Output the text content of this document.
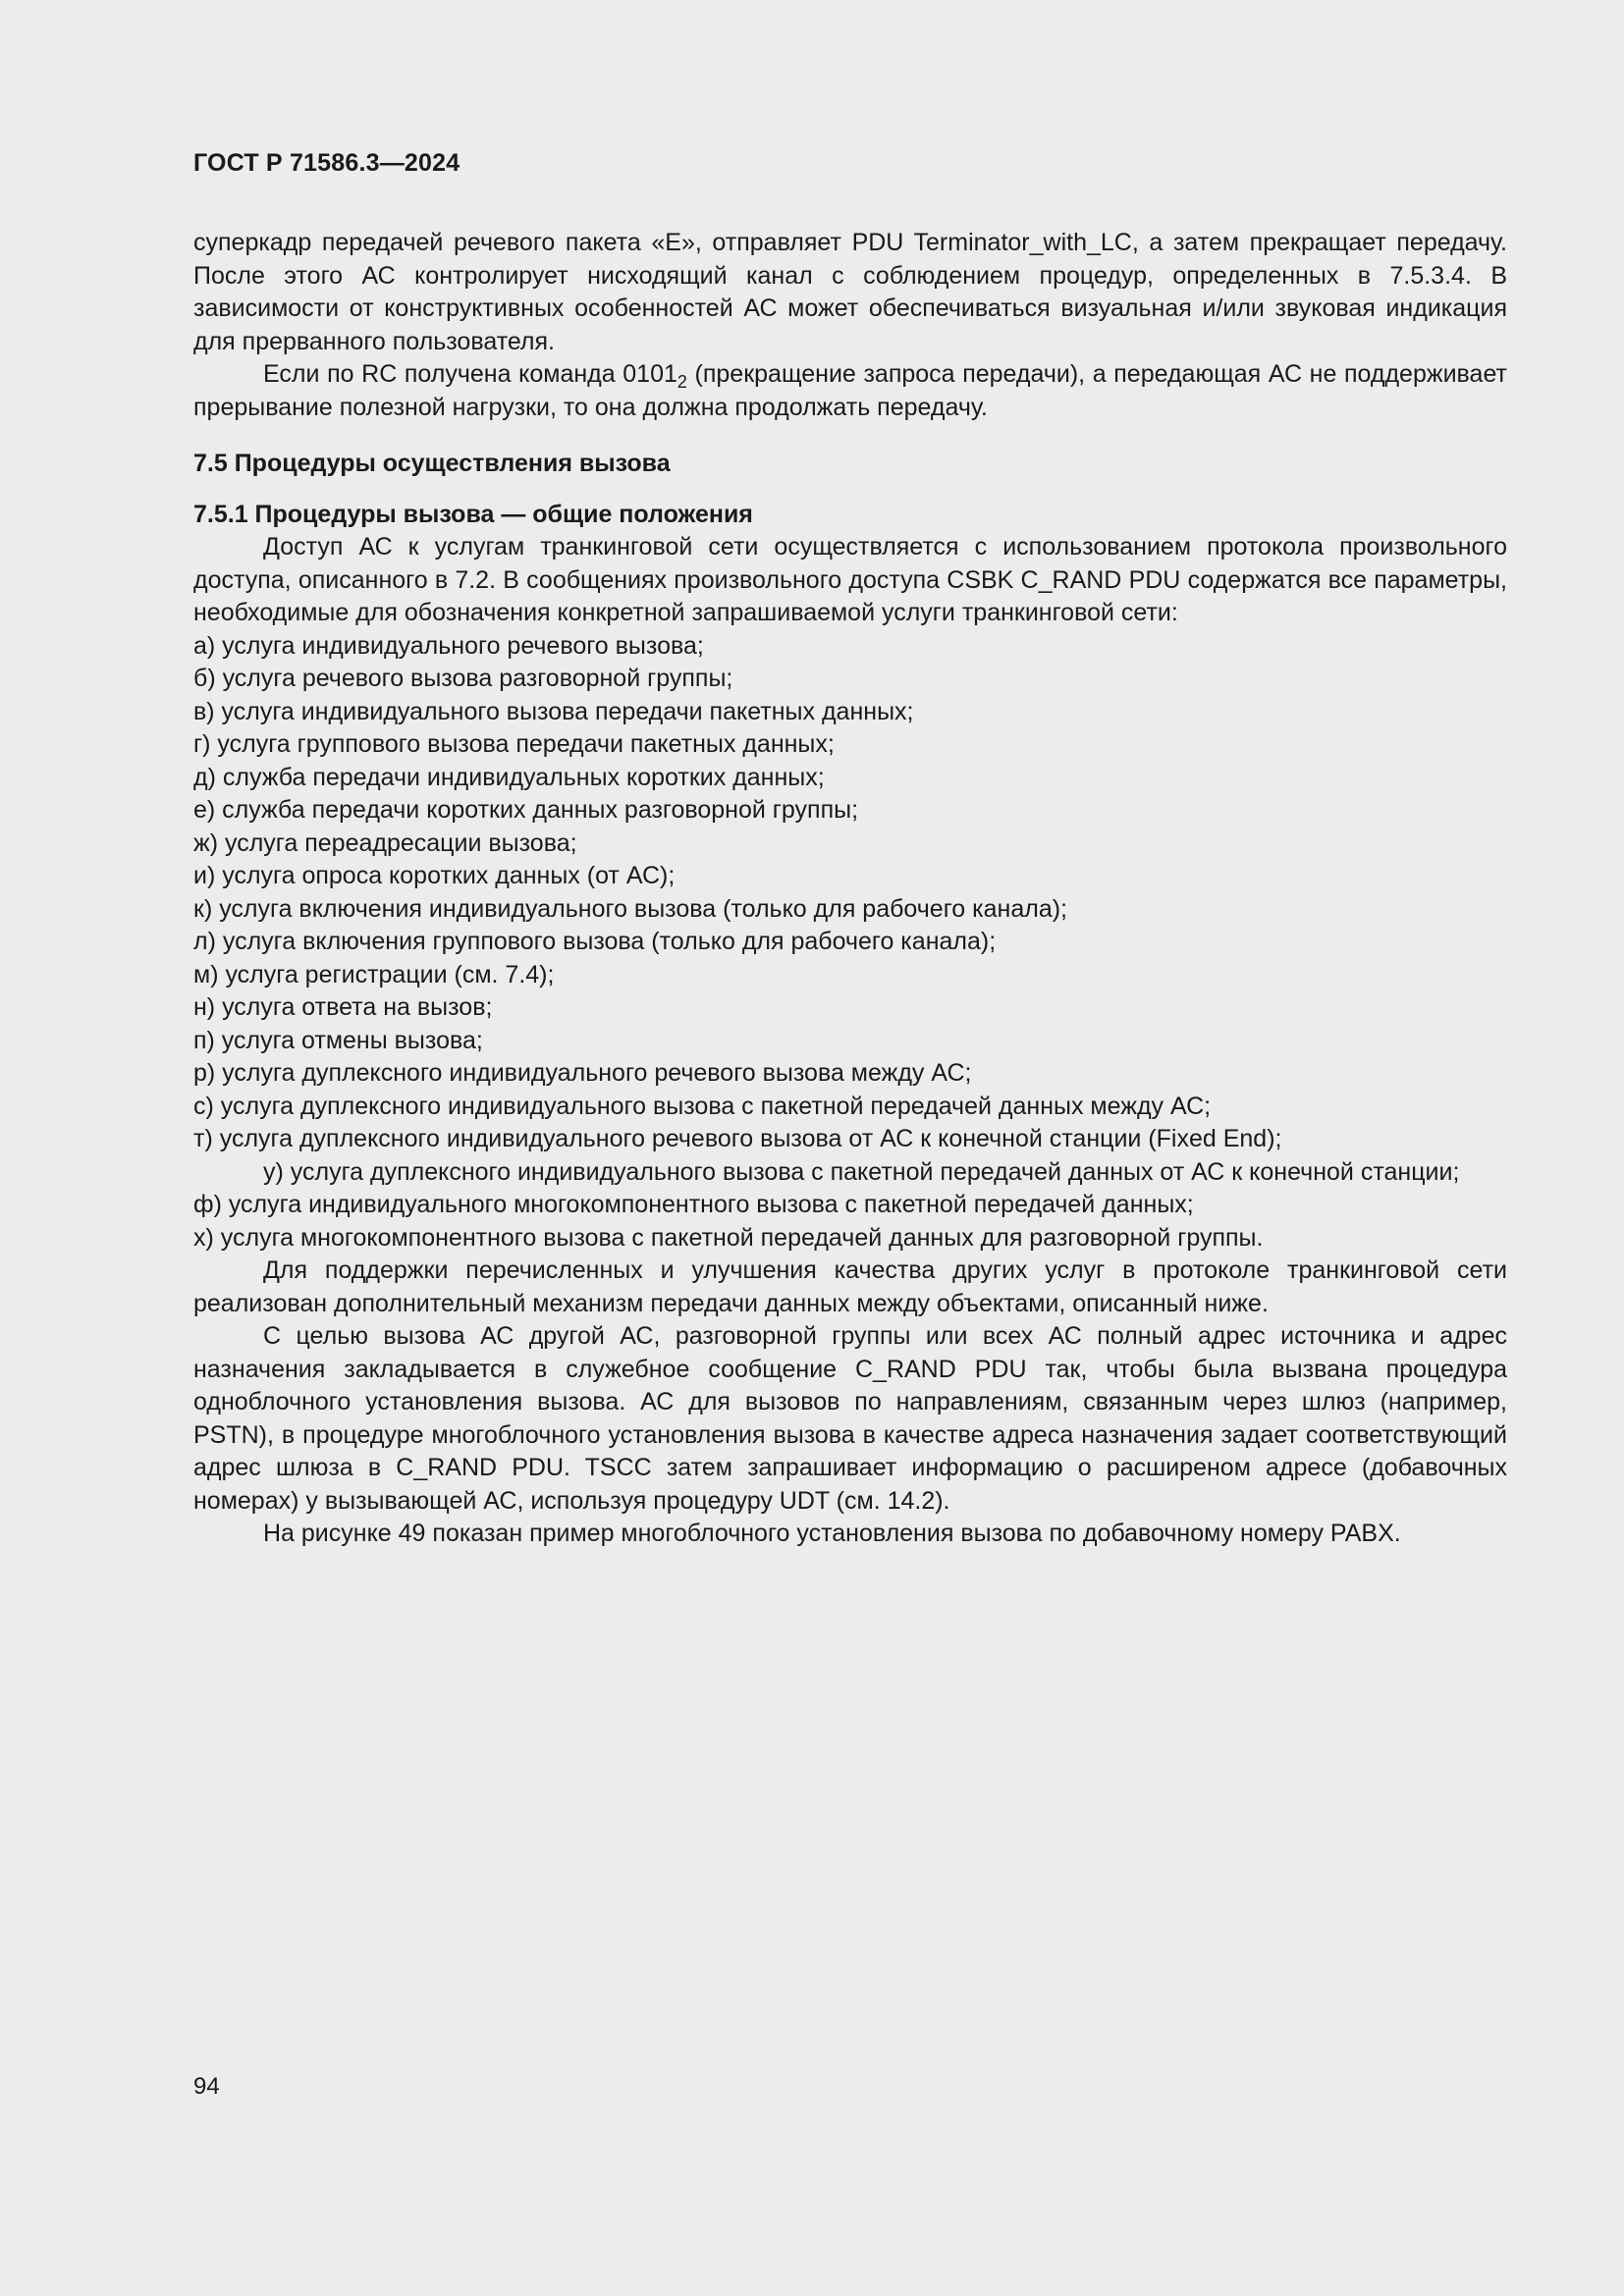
ГОСТ Р 71586.3—2024

суперкадр передачей речевого пакета «E», отправляет PDU Terminator_with_LC, а затем прекращает передачу. После этого АС контролирует нисходящий канал с соблюдением процедур, определенных в 7.5.3.4. В зависимости от конструктивных особенностей АС может обеспечиваться визуальная и/или звуковая индикация для прерванного пользователя.

Если по RC получена команда $0101_2$ (прекращение запроса передачи), а передающая АС не поддерживает прерывание полезной нагрузки, то она должна продолжать передачу.

7.5 Процедуры осуществления вызова

7.5.1 Процедуры вызова — общие положения

Доступ АС к услугам транкинговой сети осуществляется с использованием протокола произвольного доступа, описанного в 7.2. В сообщениях произвольного доступа CSBK C_RAND PDU содержатся все параметры, необходимые для обозначения конкретной запрашиваемой услуги транкинговой сети:

а) услуга индивидуального речевого вызова;

б) услуга речевого вызова разговорной группы;

в) услуга индивидуального вызова передачи пакетных данных;

г) услуга группового вызова передачи пакетных данных;

д) служба передачи индивидуальных коротких данных;

е) служба передачи коротких данных разговорной группы;

ж) услуга переадресации вызова;

и) услуга опроса коротких данных (от АС);

к) услуга включения индивидуального вызова (только для рабочего канала);

л) услуга включения группового вызова (только для рабочего канала);

м) услуга регистрации (см. 7.4);

н) услуга ответа на вызов;

п) услуга отмены вызова;

р) услуга дуплексного индивидуального речевого вызова между АС;

с) услуга дуплексного индивидуального вызова с пакетной передачей данных между АС;

т) услуга дуплексного индивидуального речевого вызова от АС к конечной станции (Fixed End);

у) услуга дуплексного индивидуального вызова с пакетной передачей данных от АС к конечной станции;

ф) услуга индивидуального многокомпонентного вызова с пакетной передачей данных;

х) услуга многокомпонентного вызова с пакетной передачей данных для разговорной группы.

Для поддержки перечисленных и улучшения качества других услуг в протоколе транкинговой сети реализован дополнительный механизм передачи данных между объектами, описанный ниже.

С целью вызова АС другой АС, разговорной группы или всех АС полный адрес источника и адрес назначения закладывается в служебное сообщение C_RAND PDU так, чтобы была вызвана процедура одноблочного установления вызова. АС для вызовов по направлениям, связанным через шлюз (например, PSTN), в процедуре многоблочного установления вызова в качестве адреса назначения задает соответствующий адрес шлюза в C_RAND PDU. TSCC затем запрашивает информацию о расширеном адресе (добавочных номерах) у вызывающей АС, используя процедуру UDT (см. 14.2).

На рисунке 49 показан пример многоблочного установления вызова по добавочному номеру PABX.

94
